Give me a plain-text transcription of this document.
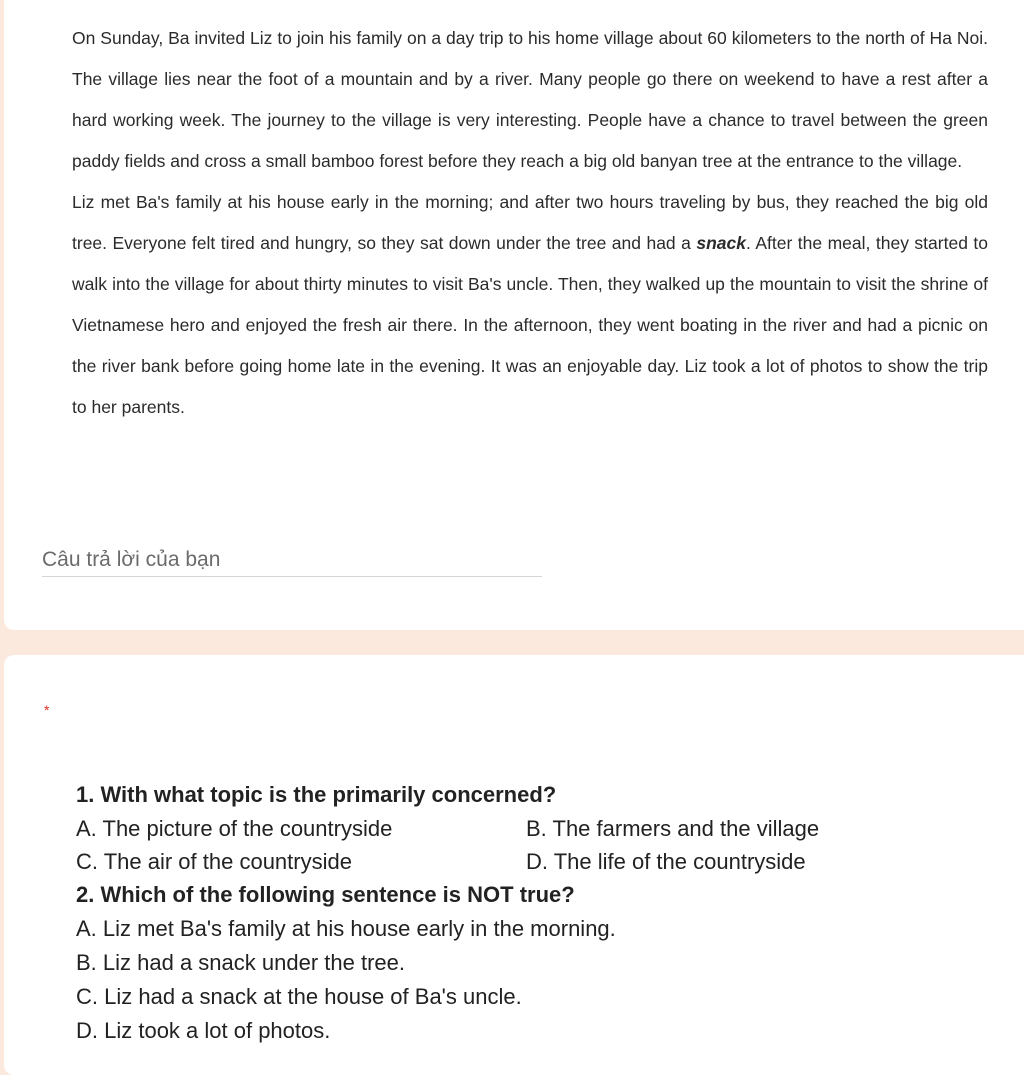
On Sunday, Ba invited Liz to join his family on a day trip to his home village about 60 kilometers to the north of Ha Noi. The village lies near the foot of a mountain and by a river. Many people go there on weekend to have a rest after a hard working week. The journey to the village is very interesting. People have a chance to travel between the green paddy fields and cross a small bamboo forest before they reach a big old banyan tree at the entrance to the village.

Liz met Ba's family at his house early in the morning; and after two hours traveling by bus, they reached the big old tree. Everyone felt tired and hungry, so they sat down under the tree and had a snack. After the meal, they started to walk into the village for about thirty minutes to visit Ba's uncle. Then, they walked up the mountain to visit the shrine of Vietnamese hero and enjoyed the fresh air there. In the afternoon, they went boating in the river and had a picnic on the river bank before going home late in the evening. It was an enjoyable day. Liz took a lot of photos to show the trip to her parents.

Câu trả lời của bạn
*
1. With what topic is the primarily concerned?
A. The picture of the countryside	B. The farmers and the village
C. The air of the countryside	D. The life of the countryside
2. Which of the following sentence is NOT true?
A. Liz met Ba's family at his house early in the morning.
B. Liz had a snack under the tree.
C. Liz had a snack at the house of Ba's uncle.
D. Liz took a lot of photos.
